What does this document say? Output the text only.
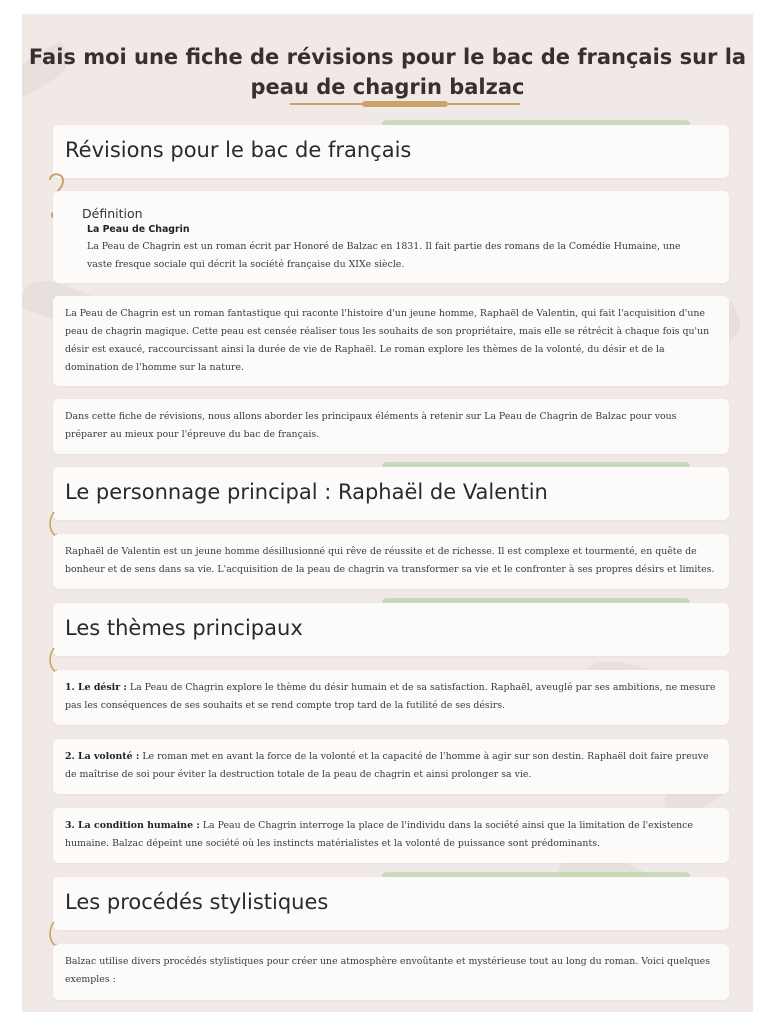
Fais moi une fiche de révisions pour le bac de français sur la
peau de chagrin balzac
Révisions pour le bac de français
Définition
La Peau de Chagrin
La Peau de Chagrin est un roman écrit par Honoré de Balzac en 1831. Il fait partie des romans de la Comédie Humaine, une vaste fresque sociale qui décrit la société française du XIXe siècle.
La Peau de Chagrin est un roman fantastique qui raconte l'histoire d'un jeune homme, Raphaël de Valentin, qui fait l'acquisition d'une peau de chagrin magique. Cette peau est censée réaliser tous les souhaits de son propriétaire, mais elle se rétrécit à chaque fois qu'un désir est exaucé, raccourcissant ainsi la durée de vie de Raphaël. Le roman explore les thèmes de la volonté, du désir et de la domination de l'homme sur la nature.
Dans cette fiche de révisions, nous allons aborder les principaux éléments à retenir sur La Peau de Chagrin de Balzac pour vous préparer au mieux pour l'épreuve du bac de français.
Le personnage principal : Raphaël de Valentin
Raphaël de Valentin est un jeune homme désillusionné qui rêve de réussite et de richesse. Il est complexe et tourmenté, en quête de bonheur et de sens dans sa vie. L'acquisition de la peau de chagrin va transformer sa vie et le confronter à ses propres désirs et limites.
Les thèmes principaux
1. Le désir : La Peau de Chagrin explore le thème du désir humain et de sa satisfaction. Raphaël, aveuglé par ses ambitions, ne mesure pas les conséquences de ses souhaits et se rend compte trop tard de la futilité de ses désirs.
2. La volonté : Le roman met en avant la force de la volonté et la capacité de l'homme à agir sur son destin. Raphaël doit faire preuve de maîtrise de soi pour éviter la destruction totale de la peau de chagrin et ainsi prolonger sa vie.
3. La condition humaine : La Peau de Chagrin interroge la place de l'individu dans la société ainsi que la limitation de l'existence humaine. Balzac dépeint une société où les instincts matérialistes et la volonté de puissance sont prédominants.
Les procédés stylistiques
Balzac utilise divers procédés stylistiques pour créer une atmosphère envoûtante et mystérieuse tout au long du roman. Voici quelques exemples :
